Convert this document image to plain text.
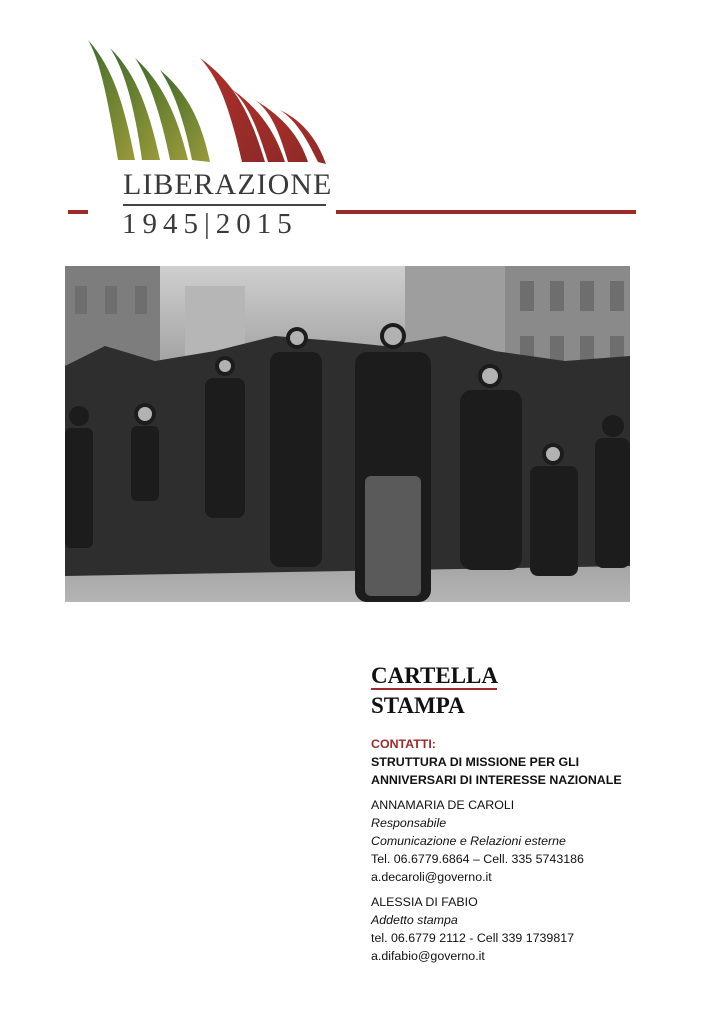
LIBERAZIONE
1945|2015
CARTELLA
STAMPA
CONTATTI:
STRUTTURA DI MISSIONE PER GLI
ANNIVERSARI DI INTERESSE NAZIONALE
ANNAMARIA DE CAROLI
Responsabile
Comunicazione e Relazioni esterne
Tel. 06.6779.6864 – Cell. 335 5743186
a.decaroli@governo.it
ALESSIA DI FABIO
Addetto stampa
tel. 06.6779 2112 - Cell 339 1739817
a.difabio@governo.it
